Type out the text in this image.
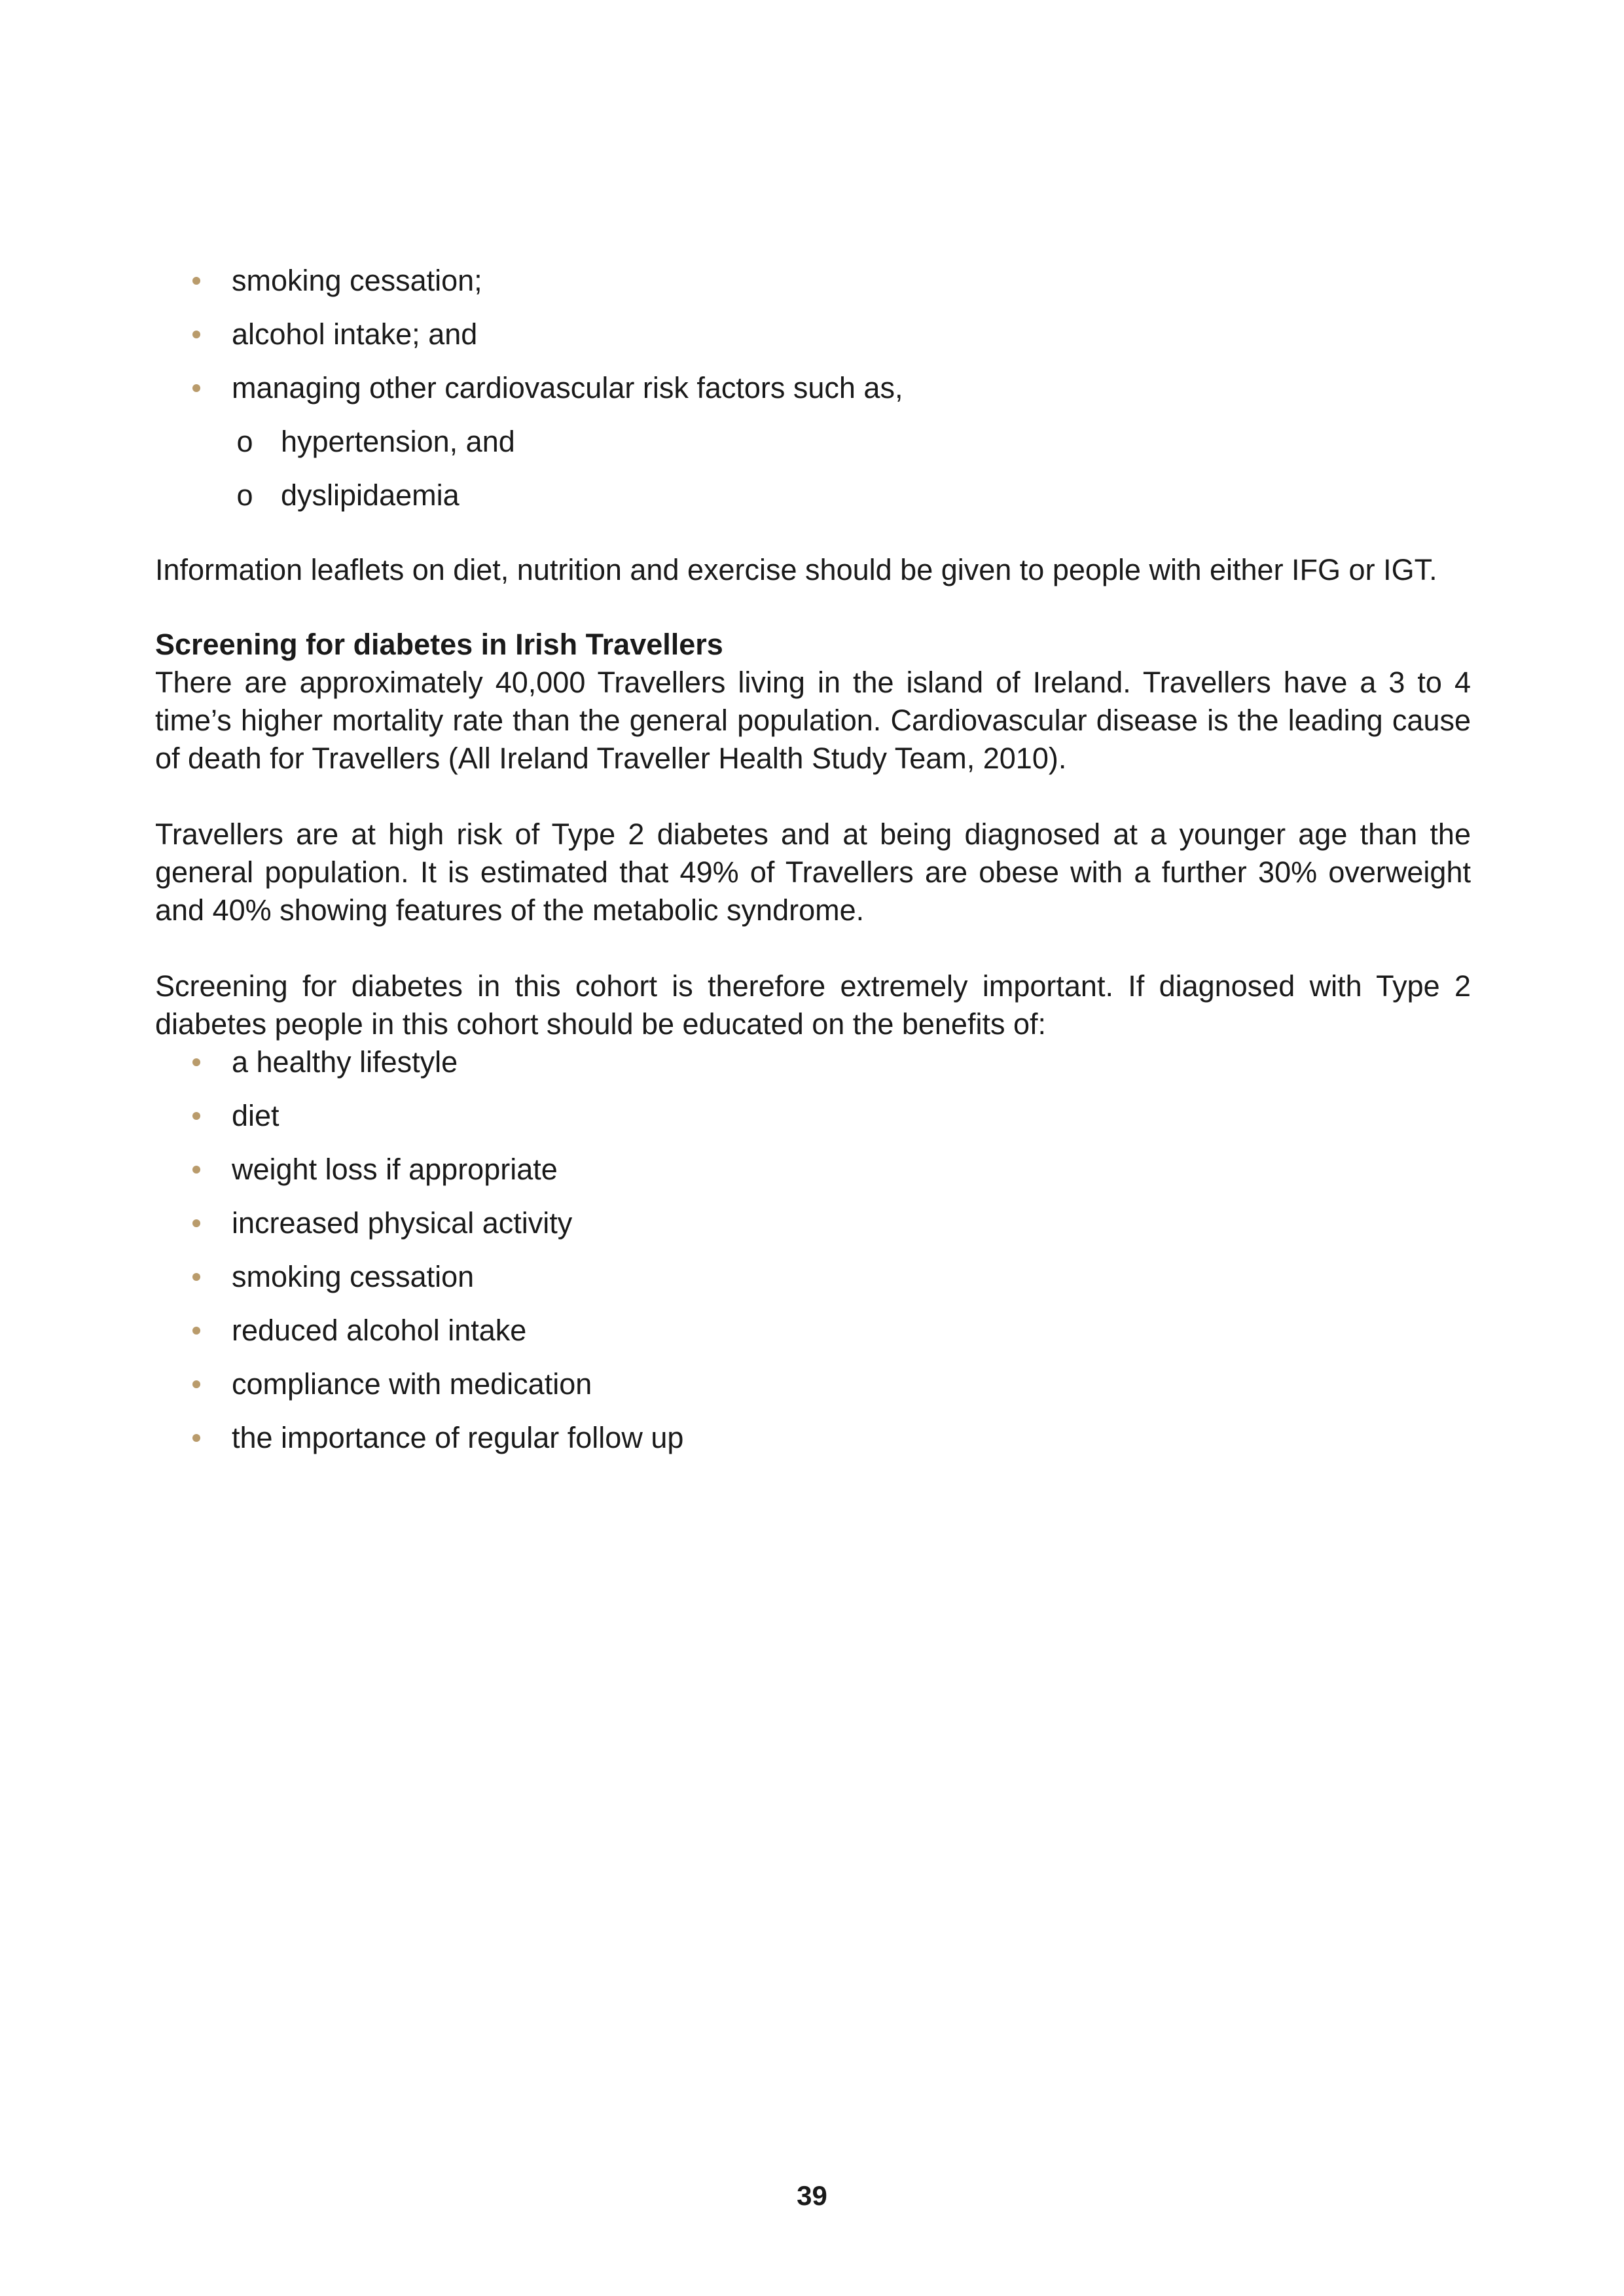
smoking cessation;
alcohol intake; and
managing other cardiovascular risk factors such as,
o hypertension, and
o dyslipidaemia

Information leaflets on diet, nutrition and exercise should be given to people with either IFG or IGT.

Screening for diabetes in Irish Travellers

There are approximately 40,000 Travellers living in the island of Ireland. Travellers have a 3 to 4 time’s higher mortality rate than the general population. Cardiovascular disease is the leading cause of death for Travellers (All Ireland Traveller Health Study Team, 2010).

Travellers are at high risk of Type 2 diabetes and at being diagnosed at a younger age than the general population. It is estimated that 49% of Travellers are obese with a further 30% overweight and 40% showing features of the metabolic syndrome.

Screening for diabetes in this cohort is therefore extremely important. If diagnosed with Type 2 diabetes people in this cohort should be educated on the benefits of:

a healthy lifestyle
diet
weight loss if appropriate
increased physical activity
smoking cessation
reduced alcohol intake
compliance with medication
the importance of regular follow up
39
